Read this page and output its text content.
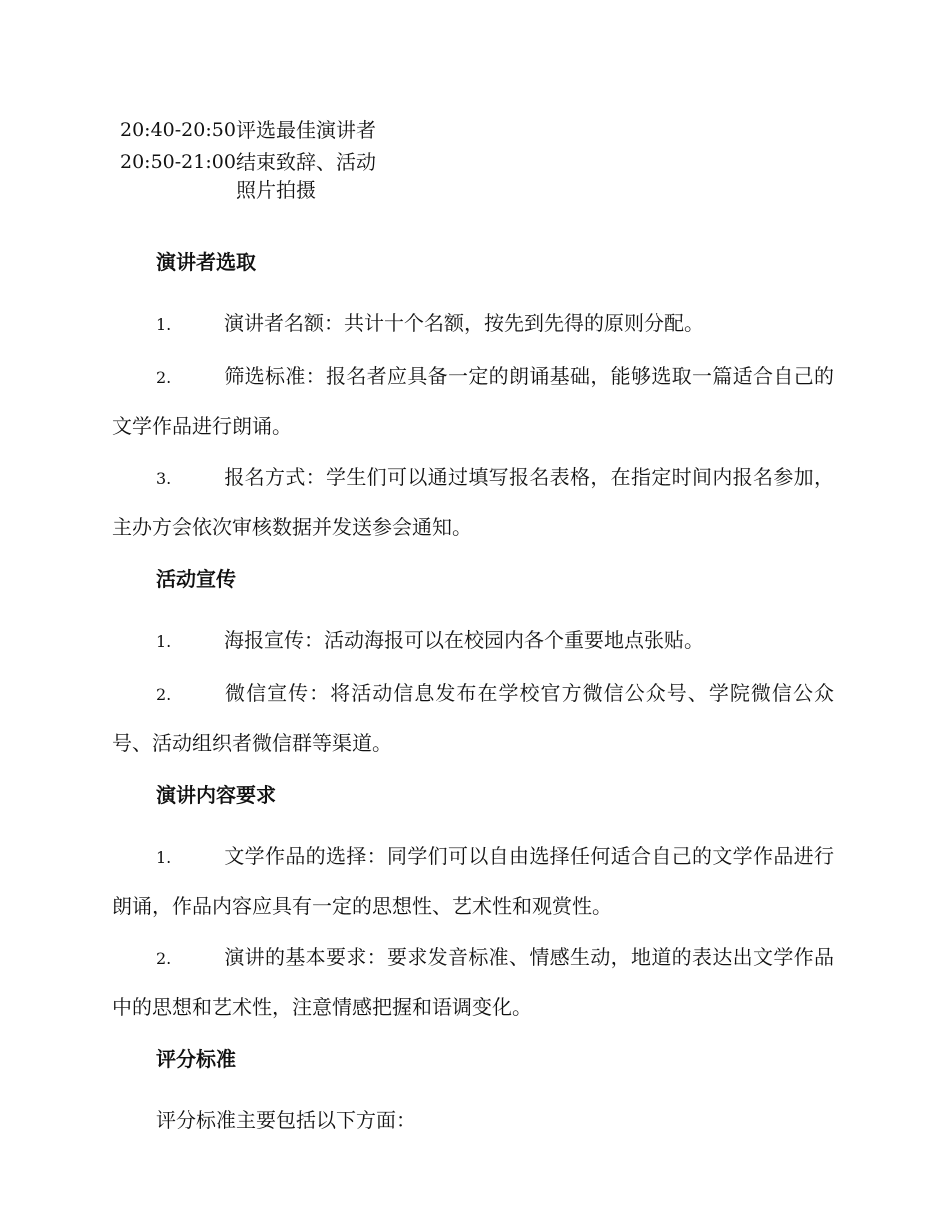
20:40-20:50 评选最佳演讲者
20:50-21:00 结束致辞、活动照片拍摄
演讲者选取

1.	演讲者名额：共计十个名额，按先到先得的原则分配。

2.	筛选标准：报名者应具备一定的朗诵基础，能够选取一篇适合自己的文学作品进行朗诵。

3.	报名方式：学生们可以通过填写报名表格，在指定时间内报名参加，主办方会依次审核数据并发送参会通知。

活动宣传

1.	海报宣传：活动海报可以在校园内各个重要地点张贴。

2.	微信宣传：将活动信息发布在学校官方微信公众号、学院微信公众号、活动组织者微信群等渠道。

演讲内容要求

1.	文学作品的选择：同学们可以自由选择任何适合自己的文学作品进行朗诵，作品内容应具有一定的思想性、艺术性和观赏性。

2.	演讲的基本要求：要求发音标准、情感生动，地道的表达出文学作品中的思想和艺术性，注意情感把握和语调变化。

评分标准

评分标准主要包括以下方面：
